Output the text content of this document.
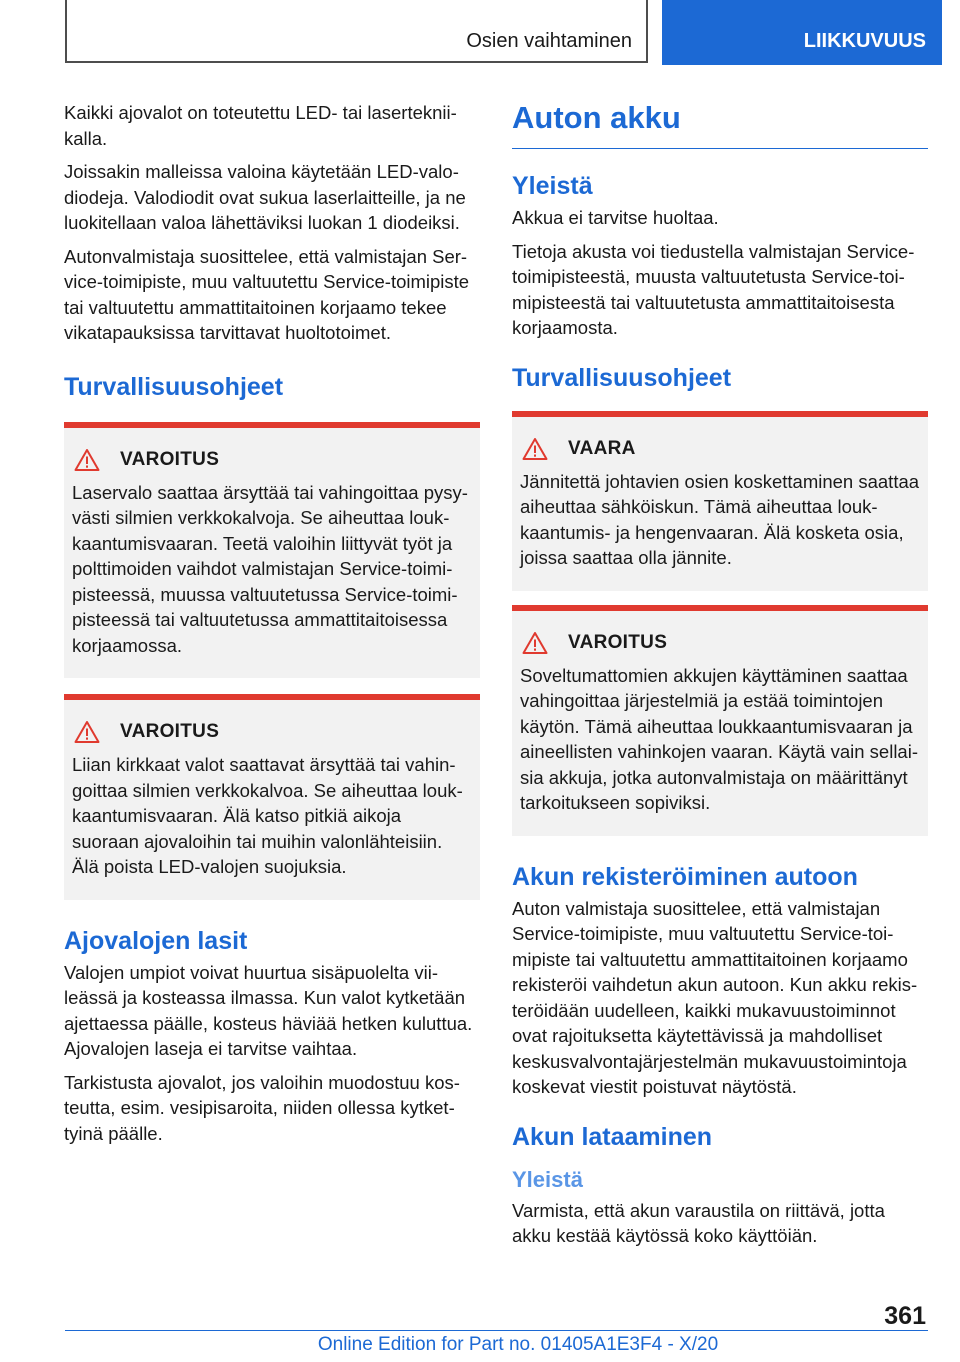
Osien vaihtaminen	LIIKKUVUUS

Kaikki ajovalot on toteutettu LED- tai lasertekniikalla.

Joissakin malleissa valoina käytetään LED-valodiodeja. Valodiodit ovat sukua laserlaitteille, ja ne luokitellaan valoa lähettäviksi luokan 1 diodeiksi.

Autonvalmistaja suosittelee, että valmistajan Service-toimipiste, muu valtuutettu Service-toimipiste tai valtuutettu ammattitaitoinen korjaamo tekee vikatapauksissa tarvittavat huoltotoimet.

Turvallisuusohjeet
VAROITUS

Laservalo saattaa ärsyttää tai vahingoittaa pysyvästi silmien verkkokalvoja. Se aiheuttaa loukkaantumisvaaran. Teetä valoihin liittyvät työt ja polttimoiden vaihdot valmistajan Service-toimipisteessä, muussa valtuutetussa Service-toimipisteessä tai valtuutetussa ammattitaitoisessa korjaamossa.

VAROITUS

Liian kirkkaat valot saattavat ärsyttää tai vahingoittaa silmien verkkokalvoa. Se aiheuttaa loukkaantumisvaaran. Älä katso pitkiä aikoja suoraan ajovaloihin tai muihin valonlähteisiin. Älä poista LED-valojen suojuksia.

Ajovalojen lasit

Valojen umpiot voivat huurtua sisäpuolelta viileässä ja kosteassa ilmassa. Kun valot kytketään ajettaessa päälle, kosteus häviää hetken kuluttua. Ajovalojen laseja ei tarvitse vaihtaa.

Tarkistusta ajovalot, jos valoihin muodostuu kosteutta, esim. vesipisaroita, niiden ollessa kytkettyinä päälle.

Auton akku
Yleistä

Akkua ei tarvitse huoltaa.

Tietoja akusta voi tiedustella valmistajan Service-toimipisteestä, muusta valtuutetusta Service-toimipisteestä tai valtuutetusta ammattitaitoisesta korjaamosta.

Turvallisuusohjeet
VAARA

Jännitettä johtavien osien koskettaminen saattaa aiheuttaa sähköiskun. Tämä aiheuttaa loukkaantumis- ja hengenvaaran. Älä kosketa osia, joissa saattaa olla jännite.

VAROITUS

Soveltumattomien akkujen käyttäminen saattaa vahingoittaa järjestelmiä ja estää toimintojen käytön. Tämä aiheuttaa loukkaantumisvaaran ja aineellisten vahinkojen vaaran. Käytä vain sellaisia akkuja, jotka autonvalmistaja on määrittänyt tarkoitukseen sopiviksi.

Akun rekisteröiminen autoon

Auton valmistaja suosittelee, että valmistajan Service-toimipiste, muu valtuutettu Service-toimipiste tai valtuutettu ammattitaitoinen korjaamo rekisteröi vaihdetun akun autoon. Kun akku rekisteröidään uudelleen, kaikki mukavuustoiminnot ovat rajoituksetta käytettävissä ja mahdolliset keskusvalvontajärjestelmän mukavuustoimintoja koskevat viestit poistuvat näytöstä.

Akun lataaminen
Yleistä

Varmista, että akun varaustila on riittävä, jotta akku kestää käytössä koko käyttöiän.

361
Online Edition for Part no. 01405A1E3F4 - X/20
